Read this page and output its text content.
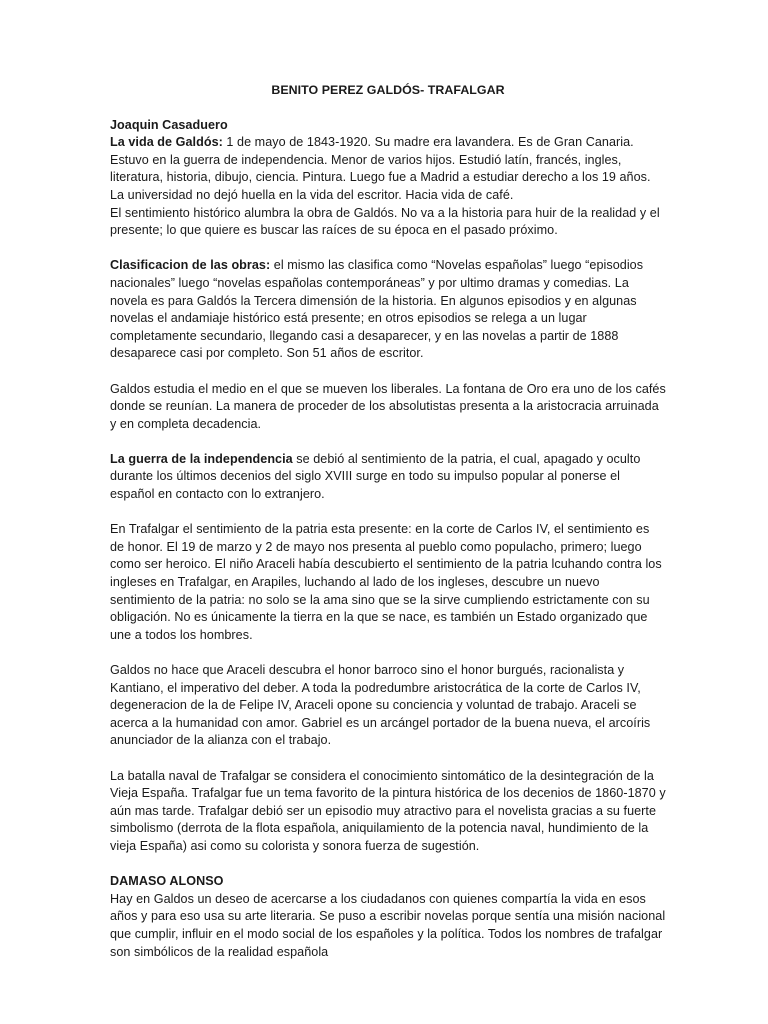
BENITO PEREZ GALDÓS- TRAFALGAR

Joaquin Casaduero
La vida de Galdós: 1 de mayo de 1843-1920. Su madre era lavandera. Es de Gran Canaria. Estuvo en la guerra de independencia. Menor de varios hijos. Estudió latín, francés, ingles, literatura, historia, dibujo, ciencia. Pintura. Luego fue a Madrid a estudiar derecho a los 19 años. La universidad no dejó huella en la vida del escritor. Hacia vida de café.
El sentimiento histórico alumbra la obra de Galdós. No va a la historia para huir de la realidad y el presente; lo que quiere es buscar las raíces de su época en el pasado próximo.

Clasificacion de las obras: el mismo las clasifica como “Novelas españolas” luego “episodios nacionales” luego “novelas españolas contemporáneas” y por ultimo dramas y comedias. La novela es para Galdós la Tercera dimensión de la historia. En algunos episodios y en algunas novelas el andamiaje histórico está presente; en otros episodios se relega a un lugar completamente secundario, llegando casi a desaparecer, y en las novelas a partir de 1888 desaparece casi por completo. Son 51 años de escritor.

Galdos estudia el medio en el que se mueven los liberales. La fontana de Oro era uno de los cafés donde se reunían. La manera de proceder de los absolutistas presenta a la aristocracia arruinada y en completa decadencia.

La guerra de la independencia se debió al sentimiento de la patria, el cual, apagado y oculto durante los últimos decenios del siglo XVIII surge en todo su impulso popular al ponerse el español en contacto con lo extranjero.

En Trafalgar el sentimiento de la patria esta presente: en la corte de Carlos IV, el sentimiento es de honor. El 19 de marzo y 2 de mayo nos presenta al pueblo como populacho, primero; luego como ser heroico. El niño Araceli había descubierto el sentimiento de la patria lcuhando contra los ingleses en Trafalgar, en Arapiles, luchando al lado de los ingleses, descubre un nuevo sentimiento de la patria: no solo se la ama sino que se la sirve cumpliendo estrictamente con su obligación. No es únicamente la tierra en la que se nace, es también un Estado organizado que une a todos los hombres.

Galdos no hace que Araceli descubra el honor barroco sino el honor burgués, racionalista y Kantiano, el imperativo del deber. A toda la podredumbre aristocrática de la corte de Carlos IV, degeneracion de la de Felipe IV, Araceli opone su conciencia y voluntad de trabajo. Araceli se acerca a la humanidad con amor. Gabriel es un arcángel portador de la buena nueva, el arcoíris anunciador de la alianza con el trabajo.

La batalla naval de Trafalgar se considera el conocimiento sintomático de la desintegración de la Vieja España. Trafalgar fue un tema favorito de la pintura histórica de los decenios de 1860-1870 y aún mas tarde. Trafalgar debió ser un episodio muy atractivo para el novelista gracias a su fuerte simbolismo (derrota de la flota española, aniquilamiento de la potencia naval, hundimiento de la vieja España) asi como su colorista y sonora fuerza de sugestión.

DAMASO ALONSO
Hay en Galdos un deseo de acercarse a los ciudadanos con quienes compartía la vida en esos años y para eso usa su arte literaria. Se puso a escribir novelas porque sentía una misión nacional que cumplir, influir en el modo social de los españoles y la política. Todos los nombres de trafalgar son simbólicos de la realidad española
